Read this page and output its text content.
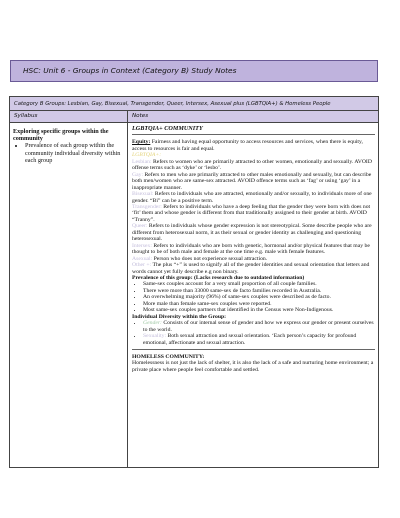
HSC: Unit 6 - Groups in Context (Category B) Study Notes
Category B Groups: Lesbian, Gay, Bisexual, Transgender, Queer, Intersex, Asexual plus (LGBTQIA+) & Homeless People
Syllabus	Notes
Exploring specific groups within the community
• Prevalence of each group within the community individual diversity within each group

LGBTQIA+ COMMUNITY

Equity: Fairness and having equal opportunity to access resources and services, when there is equity, access to resources is fair and equal.

LGBTQIA+:

Lesbian: Refers to women who are primarily attracted to other women, emotionally and sexually. AVOID offense terms such as ‘dyke’ or ‘lesbo’.

Gay: Refers to men who are primarily attracted to other males emotionally and sexually, but can describe both men/women who are same-sex attracted. AVOID offence terms such as ‘fag’ or using ‘gay’ in a inappropriate manner.

Bisexual: Refers to individuals who are attracted, emotionally and/or sexually, to individuals more of one gender. “Bi” can be a positive term.

Transgender: Refers to individuals who have a deep feeling that the gender they were born with does not ‘fit’ them and whose gender is different from that traditionally assigned to their gender at birth. AVOID “Tranny”.

Queer: Refers to individuals whose gender expression is not stereotypical. Some describe people who are different from heterosexual norm, it as their sexual or gender identity as challenging and questioning heterosexual.

Intersex: Refers to individuals who are born with genetic, hormonal and/or physical features that may be thought to be of both male and female at the one time e.g. male with female features.

Asexual: Person who does not experience sexual attraction.

Other +: The plus “+” is used to signify all of the gender identities and sexual orientation that letters and words cannot yet fully describe e.g non binary.

Prevalence of this group: (Lacks research due to outdated information)

• Same-sex couples account for a very small proportion of all couple families.
• There were more than 33000 same-sex de facto families recorded in Australia.
• An overwhelming majority (96%) of same-sex couples were described as de facto.
• More male than female same-sex couples were reported.
• Most same-sex couples partners that identified in the Census were Non-Indigenous.

Individual Diversity within the Group:

• Gender: Consists of our internal sense of gender and how we express our gender or present ourselves to the world.
• Sexuality: Both sexual attraction and sexual orientation. ‘Each person’s capacity for profound emotional, affectionate and sexual attraction.

HOMELESS COMMUNITY:

Homelessness is not just the lack of shelter, it is also the lack of a safe and nurturing home environment; a private place where people feel comfortable and settled.
